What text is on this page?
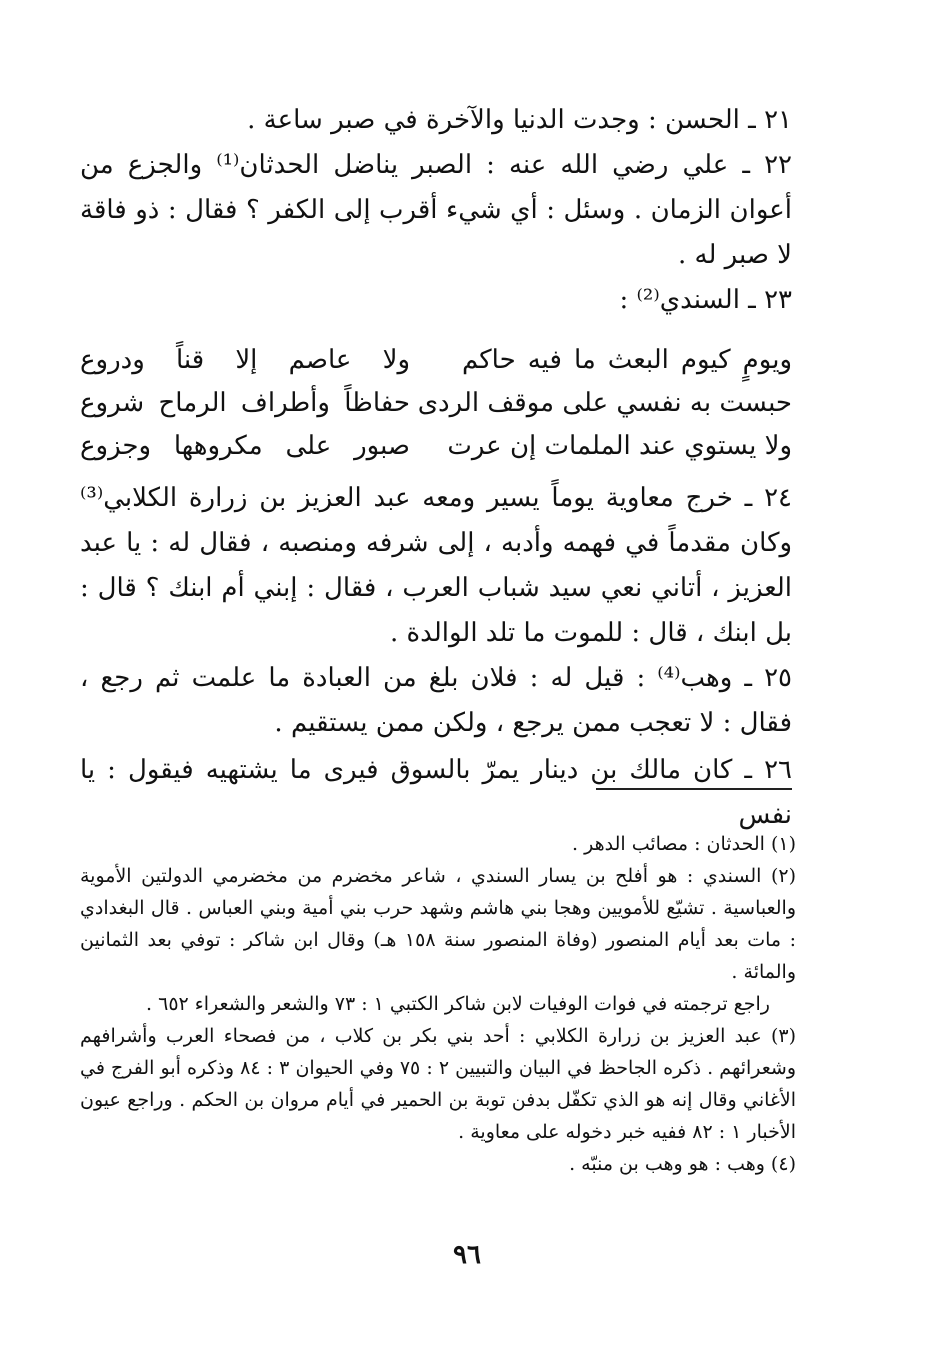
٢١ ـ الحسن : وجدت الدنيا والآخرة في صبر ساعة .

٢٢ ـ علي رضي الله عنه : الصبر يناضل الحدثان⁽¹⁾ والجزع من أعوان الزمان . وسئل : أي شيء أقرب إلى الكفر ؟ فقال : ذو فاقة لا صبر له .

٢٣ ـ السندي⁽²⁾ :

٢٤ ـ خرج معاوية يوماً يسير ومعه عبد العزيز بن زرارة الكلابي⁽³⁾ وكان مقدماً في فهمه وأدبه ، إلى شرفه ومنصبه ، فقال له : يا عبد العزيز ، أتاني نعي سيد شباب العرب ، فقال : إبني أم ابنك ؟ قال : بل ابنك ، قال : للموت ما تلد الوالدة .

٢٥ ـ وهب⁽⁴⁾ : قيل له : فلان بلغ من العبادة ما علمت ثم رجع ، فقال : لا تعجب ممن يرجع ، ولكن ممن يستقيم .

٢٦ ـ كان مالك بن دينار يمرّ بالسوق فيرى ما يشتهيه فيقول : يا نفس

ويومٍ كيوم البعث ما فيه حاكم
ولا عاصم إلا قناً ودروع
حبست به نفسي على موقف الردى
حفاظاً وأطراف الرماح شروع
ولا يستوي عند الملمات إن عرت
صبور على مكروهها وجزوع

(١) الحدثان : مصائب الدهر .

(٢) السندي : هو أفلح بن يسار السندي ، شاعر مخضرم من مخضرمي الدولتين الأموية والعباسية . تشيّع للأمويين وهجا بني هاشم وشهد حرب بني أمية وبني العباس . قال البغدادي : مات بعد أيام المنصور (وفاة المنصور سنة ١٥٨ هـ) وقال ابن شاكر : توفي بعد الثمانين والمائة .

راجع ترجمته في فوات الوفيات لابن شاكر الكتبي ١ : ٧٣ والشعر والشعراء ٦٥٢ .

(٣) عبد العزيز بن زرارة الكلابي : أحد بني بكر بن كلاب ، من فصحاء العرب وأشرافهم وشعرائهم . ذكره الجاحظ في البيان والتبيين ٢ : ٧٥ وفي الحيوان ٣ : ٨٤ وذكره أبو الفرج في الأغاني وقال إنه هو الذي تكفّل بدفن توبة بن الحمير في أيام مروان بن الحكم . وراجع عيون الأخبار ١ : ٨٢ ففيه خبر دخوله على معاوية .

(٤) وهب : هو وهب بن منبّه .

٩٦
